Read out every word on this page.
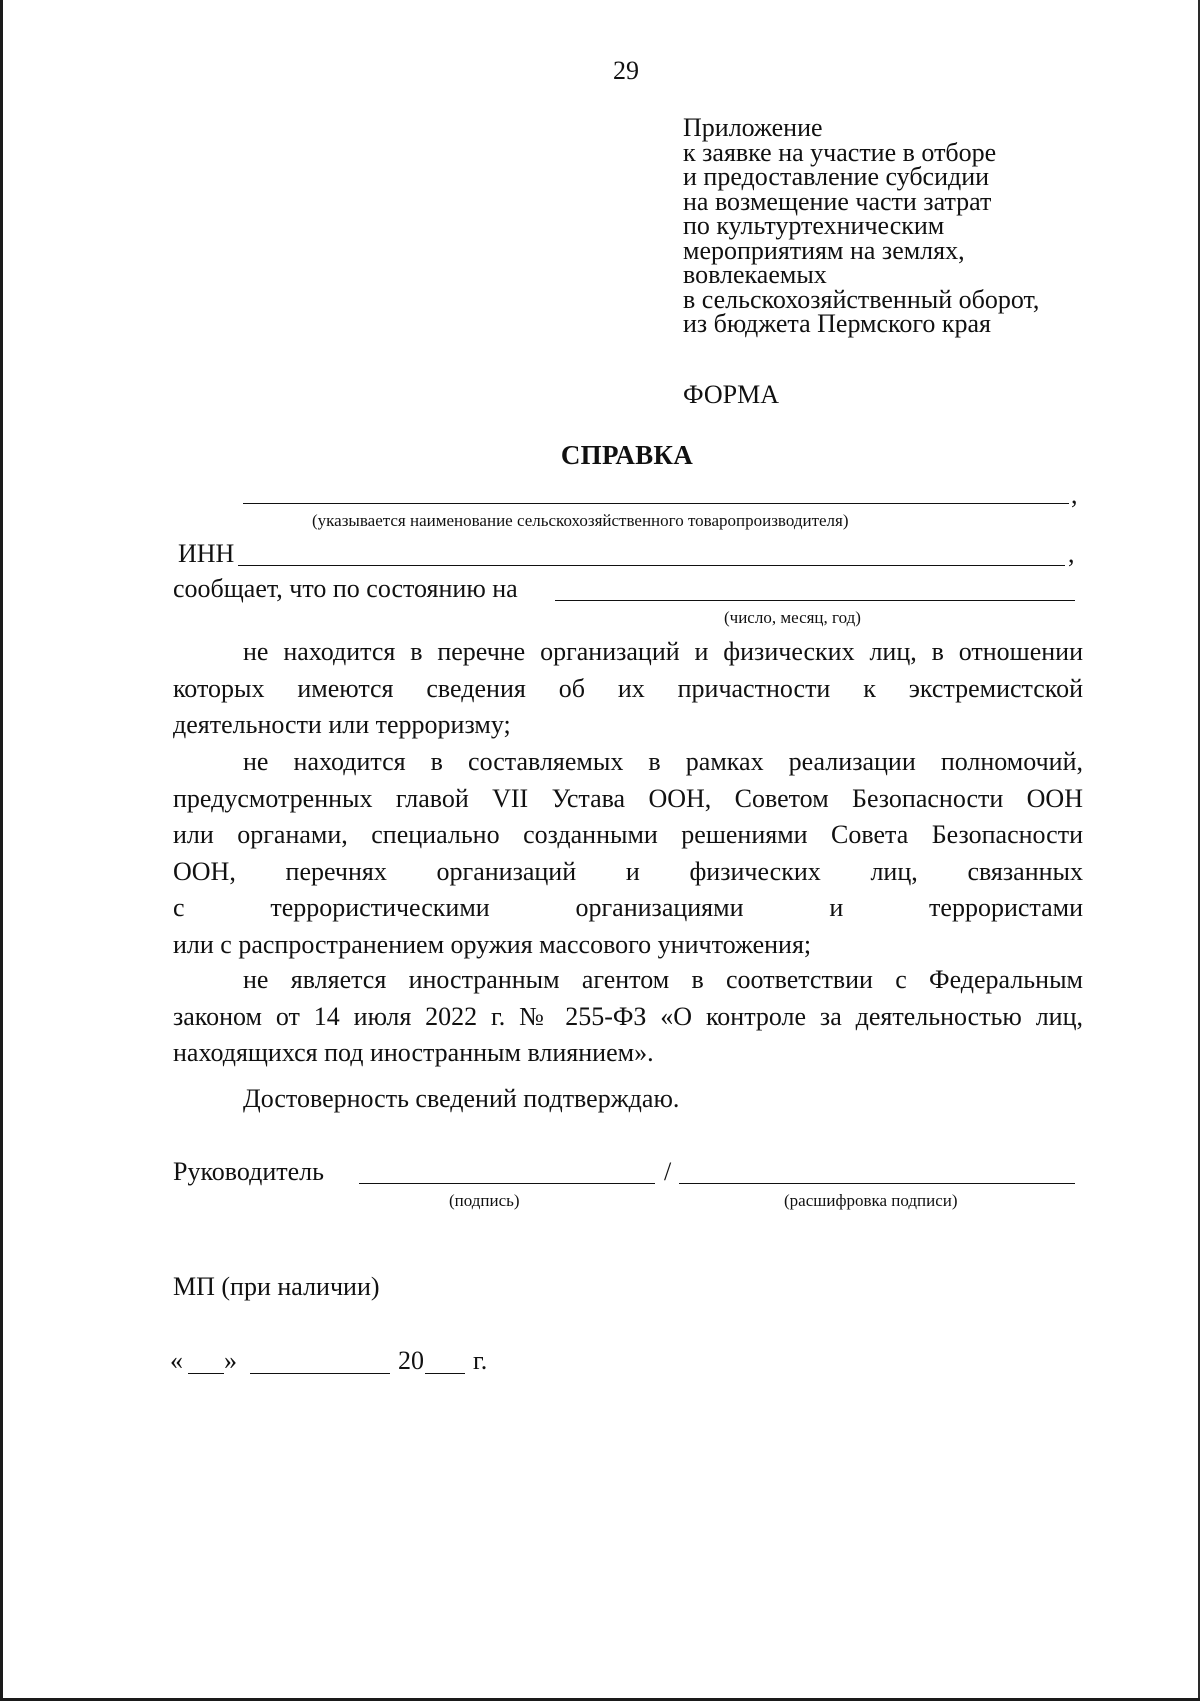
29
Приложение
к заявке на участие в отборе
и предоставление субсидии
на возмещение части затрат
по культуртехническим
мероприятиям на землях,
вовлекаемых
в сельскохозяйственный оборот,
из бюджета Пермского края
ФОРМА
СПРАВКА
,
(указывается наименование сельскохозяйственного товаропроизводителя)
ИНН	,
сообщает, что по состоянию на
(число, месяц, год)
не находится в перечне организаций и физических лиц, в отношении
которых имеются сведения об их причастности к экстремистской
деятельности или терроризму;
не находится в составляемых в рамках реализации полномочий,
предусмотренных главой VII Устава ООН, Советом Безопасности ООН
или органами, специально созданными решениями Совета Безопасности
ООН, перечнях организаций и физических лиц, связанных
с террористическими организациями и террористами
или с распространением оружия массового уничтожения;
не является иностранным агентом в соответствии с Федеральным
законом от 14 июля 2022 г. № 255-ФЗ «О контроле за деятельностью лиц,
находящихся под иностранным влиянием».
Достоверность сведений подтверждаю.
Руководитель	/
(подпись)	(расшифровка подписи)
МП (при наличии)
« »	20 г.
